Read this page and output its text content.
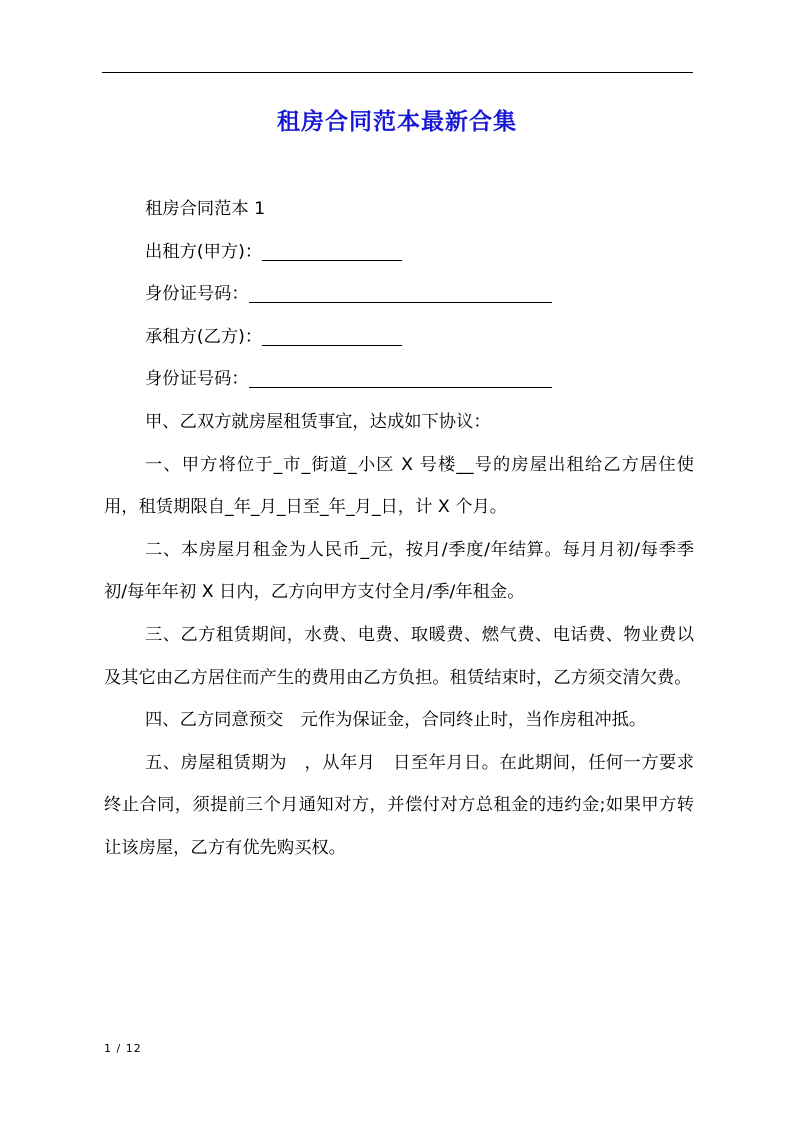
租房合同范本最新合集

租房合同范本 1

出租方(甲方)：

身份证号码：

承租方(乙方)：

身份证号码：

甲、乙双方就房屋租赁事宜，达成如下协议：

一、甲方将位于_市_街道_小区 X 号楼__号的房屋出租给乙方居住使用，租赁期限自_年_月_日至_年_月_日，计 X 个月。

二、本房屋月租金为人民币_元，按月/季度/年结算。每月月初/每季季初/每年年初 X 日内，乙方向甲方支付全月/季/年租金。

三、乙方租赁期间，水费、电费、取暖费、燃气费、电话费、物业费以及其它由乙方居住而产生的费用由乙方负担。租赁结束时，乙方须交清欠费。

四、乙方同意预交　元作为保证金，合同终止时，当作房租冲抵。

五、房屋租赁期为　，从年月　日至年月日。在此期间，任何一方要求终止合同，须提前三个月通知对方，并偿付对方总租金的违约金;如果甲方转让该房屋，乙方有优先购买权。

1 / 12
